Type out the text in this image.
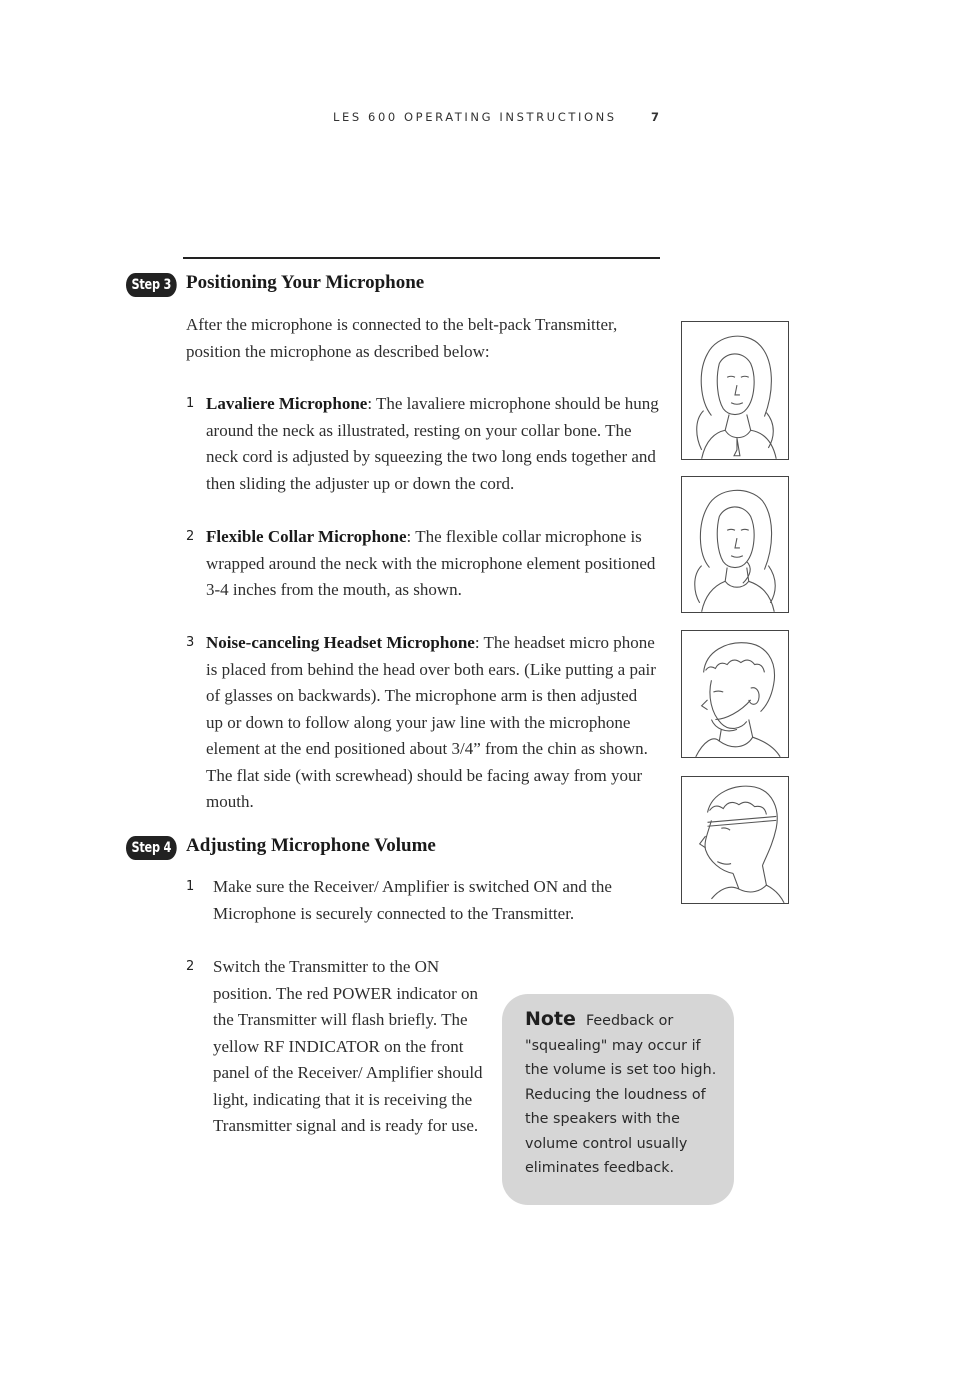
LES 600 OPERATING INSTRUCTIONS	7
Step 3 Positioning Your Microphone
After the microphone is connected to the belt-pack Transmitter, position the microphone as described below:
1 Lavaliere Microphone: The lavaliere microphone should be hung around the neck as illustrated, resting on your collar bone. The neck cord is adjusted by squeezing the two long ends together and then sliding the adjuster up or down the cord.
2 Flexible Collar Microphone: The flexible collar microphone is wrapped around the neck with the microphone element positioned 3-4 inches from the mouth, as shown.
3 Noise-canceling Headset Microphone: The headset micro phone is placed from behind the head over both ears. (Like putting a pair of glasses on backwards). The microphone arm is then adjusted up or down to follow along your jaw line with the microphone element at the end positioned about 3/4” from the chin as shown. The flat side (with screwhead) should be facing away from your mouth.
Step 4 Adjusting Microphone Volume
1 Make sure the Receiver/ Amplifier is switched ON and the Microphone is securely connected to the Transmitter.
2 Switch the Transmitter to the ON position. The red POWER indicator on the Transmitter will flash briefly. The yellow RF INDICATOR on the front panel of the Receiver/ Amplifier should light, indicating that it is receiving the Transmitter signal and is ready for use.
Note Feedback or "squealing" may occur if the volume is set too high. Reducing the loudness of the speakers with the volume control usually eliminates feedback.
